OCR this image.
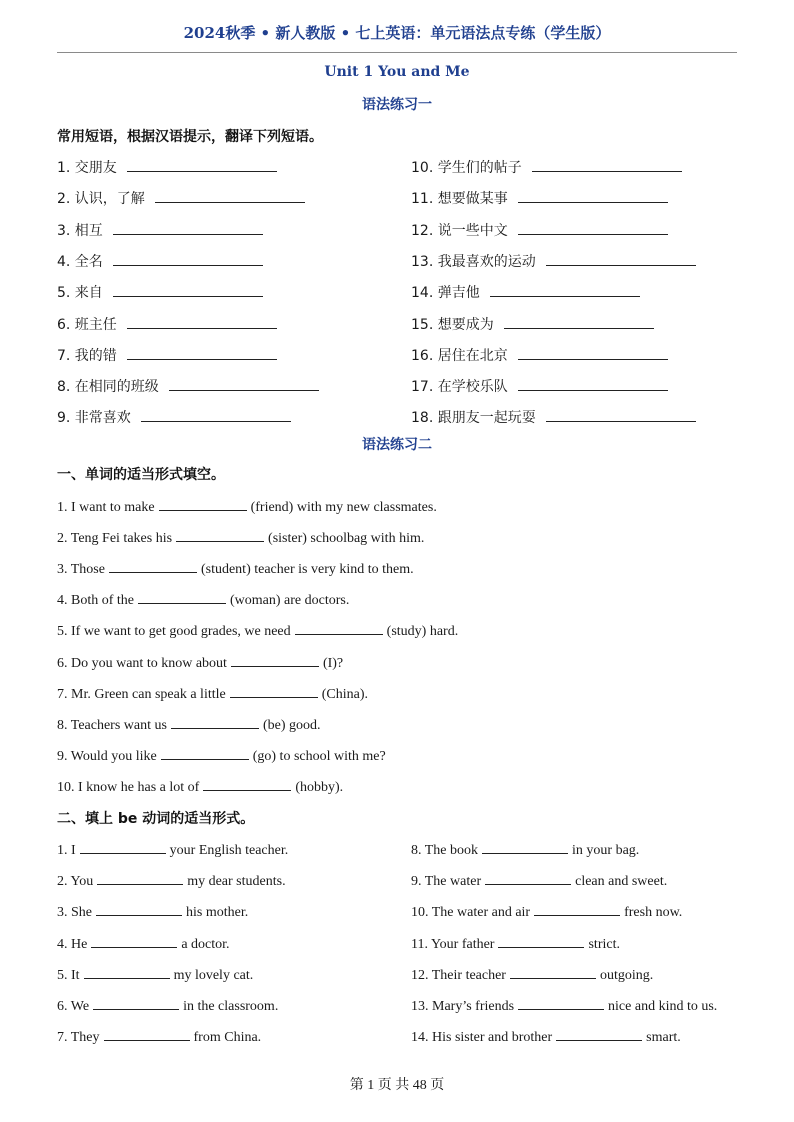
2024秋季 • 新人教版 • 七上英语：单元语法点专练（学生版）
Unit 1 You and Me
语法练习一
常用短语，根据汉语提示，翻译下列短语。
1. 交朋友
2. 认识，了解
3. 相互
4. 全名
5. 来自
6. 班主任
7. 我的错
8. 在相同的班级
9. 非常喜欢
10. 学生们的帖子
11. 想要做某事
12. 说一些中文
13. 我最喜欢的运动
14. 弹吉他
15. 想要成为
16. 居住在北京
17. 在学校乐队
18. 跟朋友一起玩耍
语法练习二
一、单词的适当形式填空。
1. I want to make	(friend) with my new classmates.
2. Teng Fei takes his	(sister) schoolbag with him.
3. Those	(student) teacher is very kind to them.
4. Both of the	(woman) are doctors.
5. If we want to get good grades, we need	(study) hard.
6. Do you want to know about	(I)?
7. Mr. Green can speak a little	(China).
8. Teachers want us	(be) good.
9. Would you like	(go) to school with me?
10. I know he has a lot of	(hobby).
二、填上 be 动词的适当形式。
1. I	your English teacher.
2. You	my dear students.
3. She	his mother.
4. He	a doctor.
5. It	my lovely cat.
6. We	in the classroom.
7. They	from China.
8. The book	in your bag.
9. The water	clean and sweet.
10. The water and air	fresh now.
11. Your father	strict.
12. Their teacher	outgoing.
13. Mary’s friends	nice and kind to us.
14. His sister and brother	smart.
第 1 页 共 48 页
